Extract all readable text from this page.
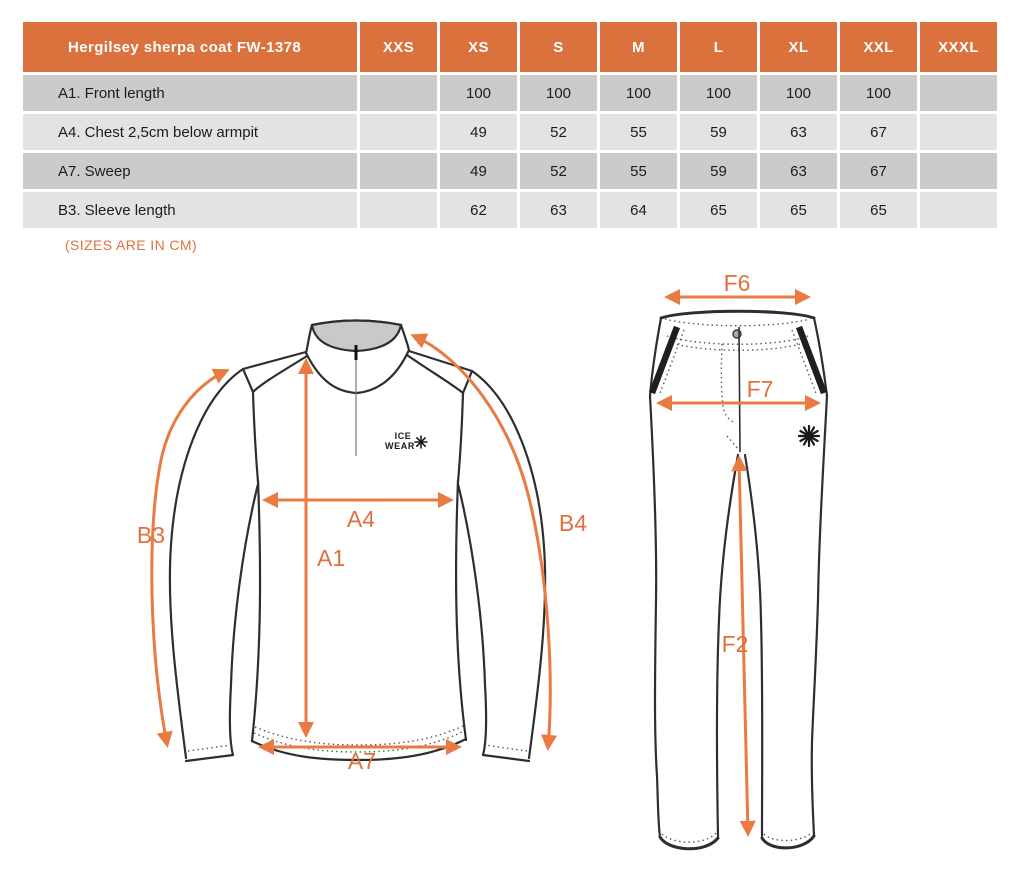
Hergilsey sherpa coat FW-1378	XXS	XS	S	M	L	XL	XXL	XXXL
A1. Front length		100	100	100	100	100	100	
A4. Chest 2,5cm below armpit		49	52	55	59	63	67	
A7. Sweep		49	52	55	59	63	67	
B3. Sleeve length		62	63	64	65	65	65	
(SIZES ARE IN CM)
ICE
WEAR
B3	B4
A1
A4
A7
F6
F7
F2
